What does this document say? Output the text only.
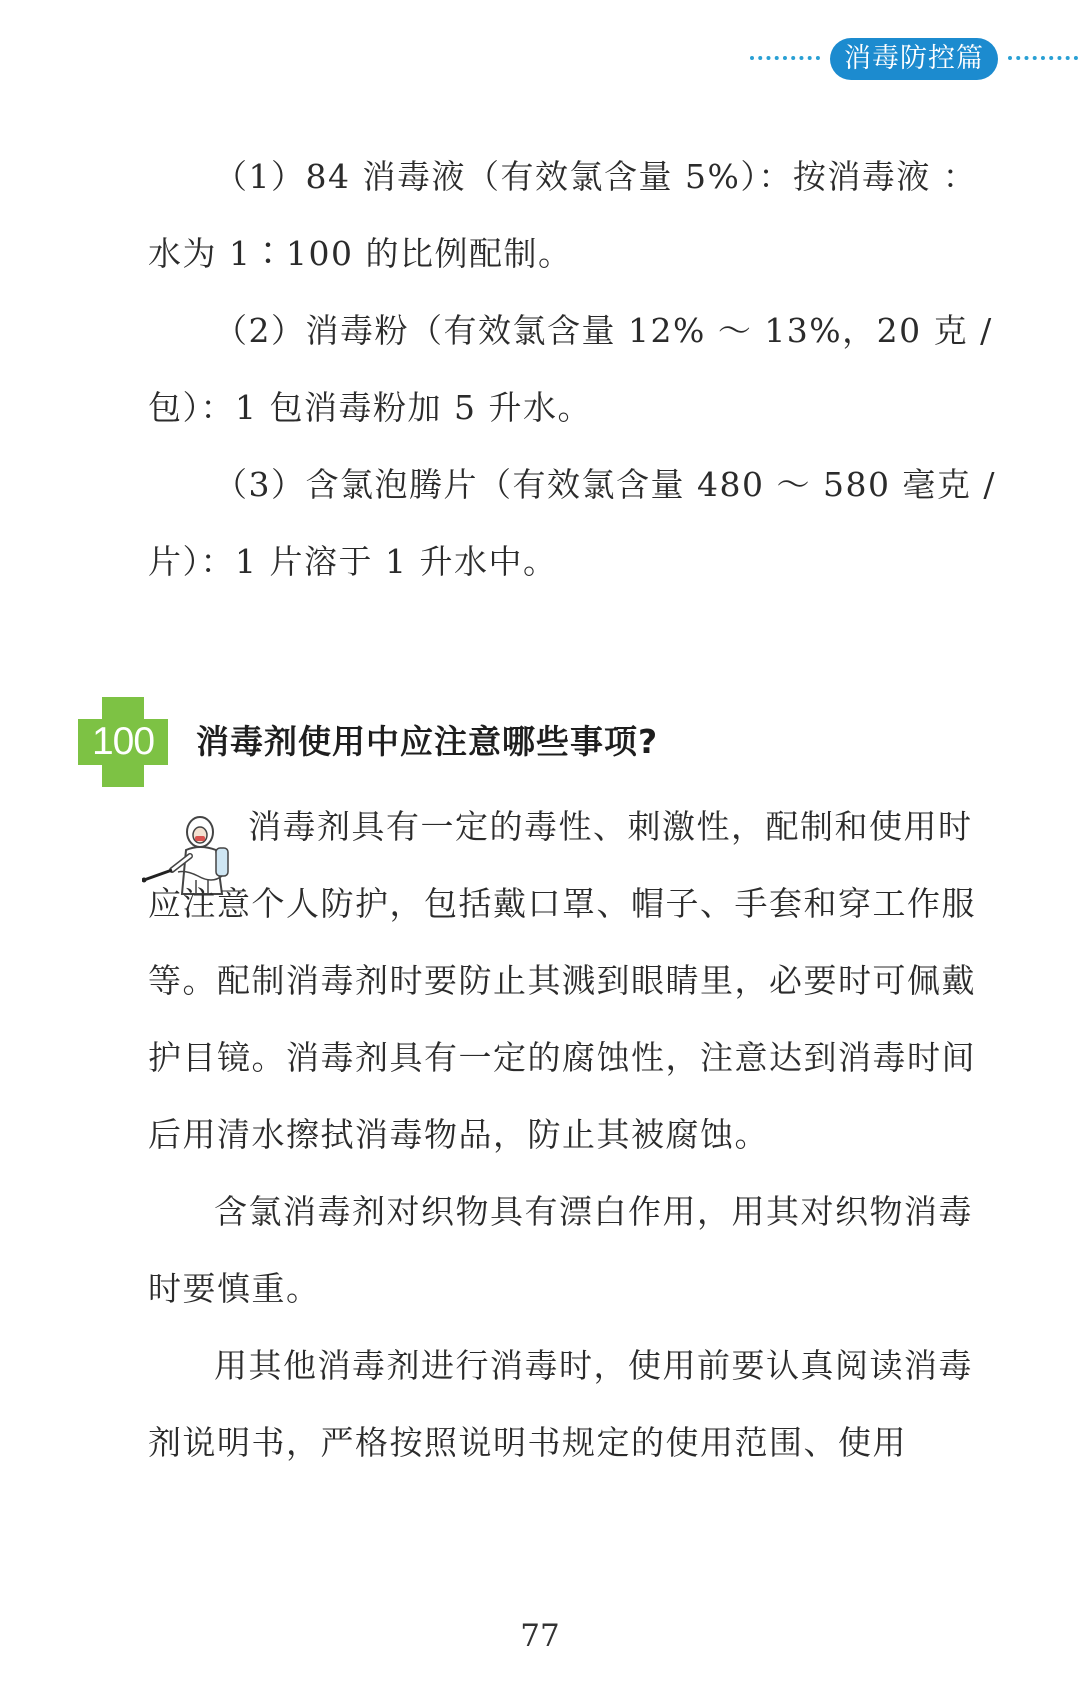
消毒防控篇

（1）84 消毒液（有效氯含量 5%）：按消毒液 ：水为 1∶100 的比例配制。

（2）消毒粉（有效氯含量 12% ～ 13%，20 克 / 包）：1 包消毒粉加 5 升水。

（3）含氯泡腾片（有效氯含量 480 ～ 580 毫克 / 片）：1 片溶于 1 升水中。

100	消毒剂使用中应注意哪些事项?

消毒剂具有一定的毒性、刺激性，配制和使用时应注意个人防护，包括戴口罩、帽子、手套和穿工作服等。配制消毒剂时要防止其溅到眼睛里，必要时可佩戴护目镜。消毒剂具有一定的腐蚀性，注意达到消毒时间后用清水擦拭消毒物品，防止其被腐蚀。

含氯消毒剂对织物具有漂白作用，用其对织物消毒时要慎重。

用其他消毒剂进行消毒时，使用前要认真阅读消毒剂说明书，严格按照说明书规定的使用范围、使用

77
